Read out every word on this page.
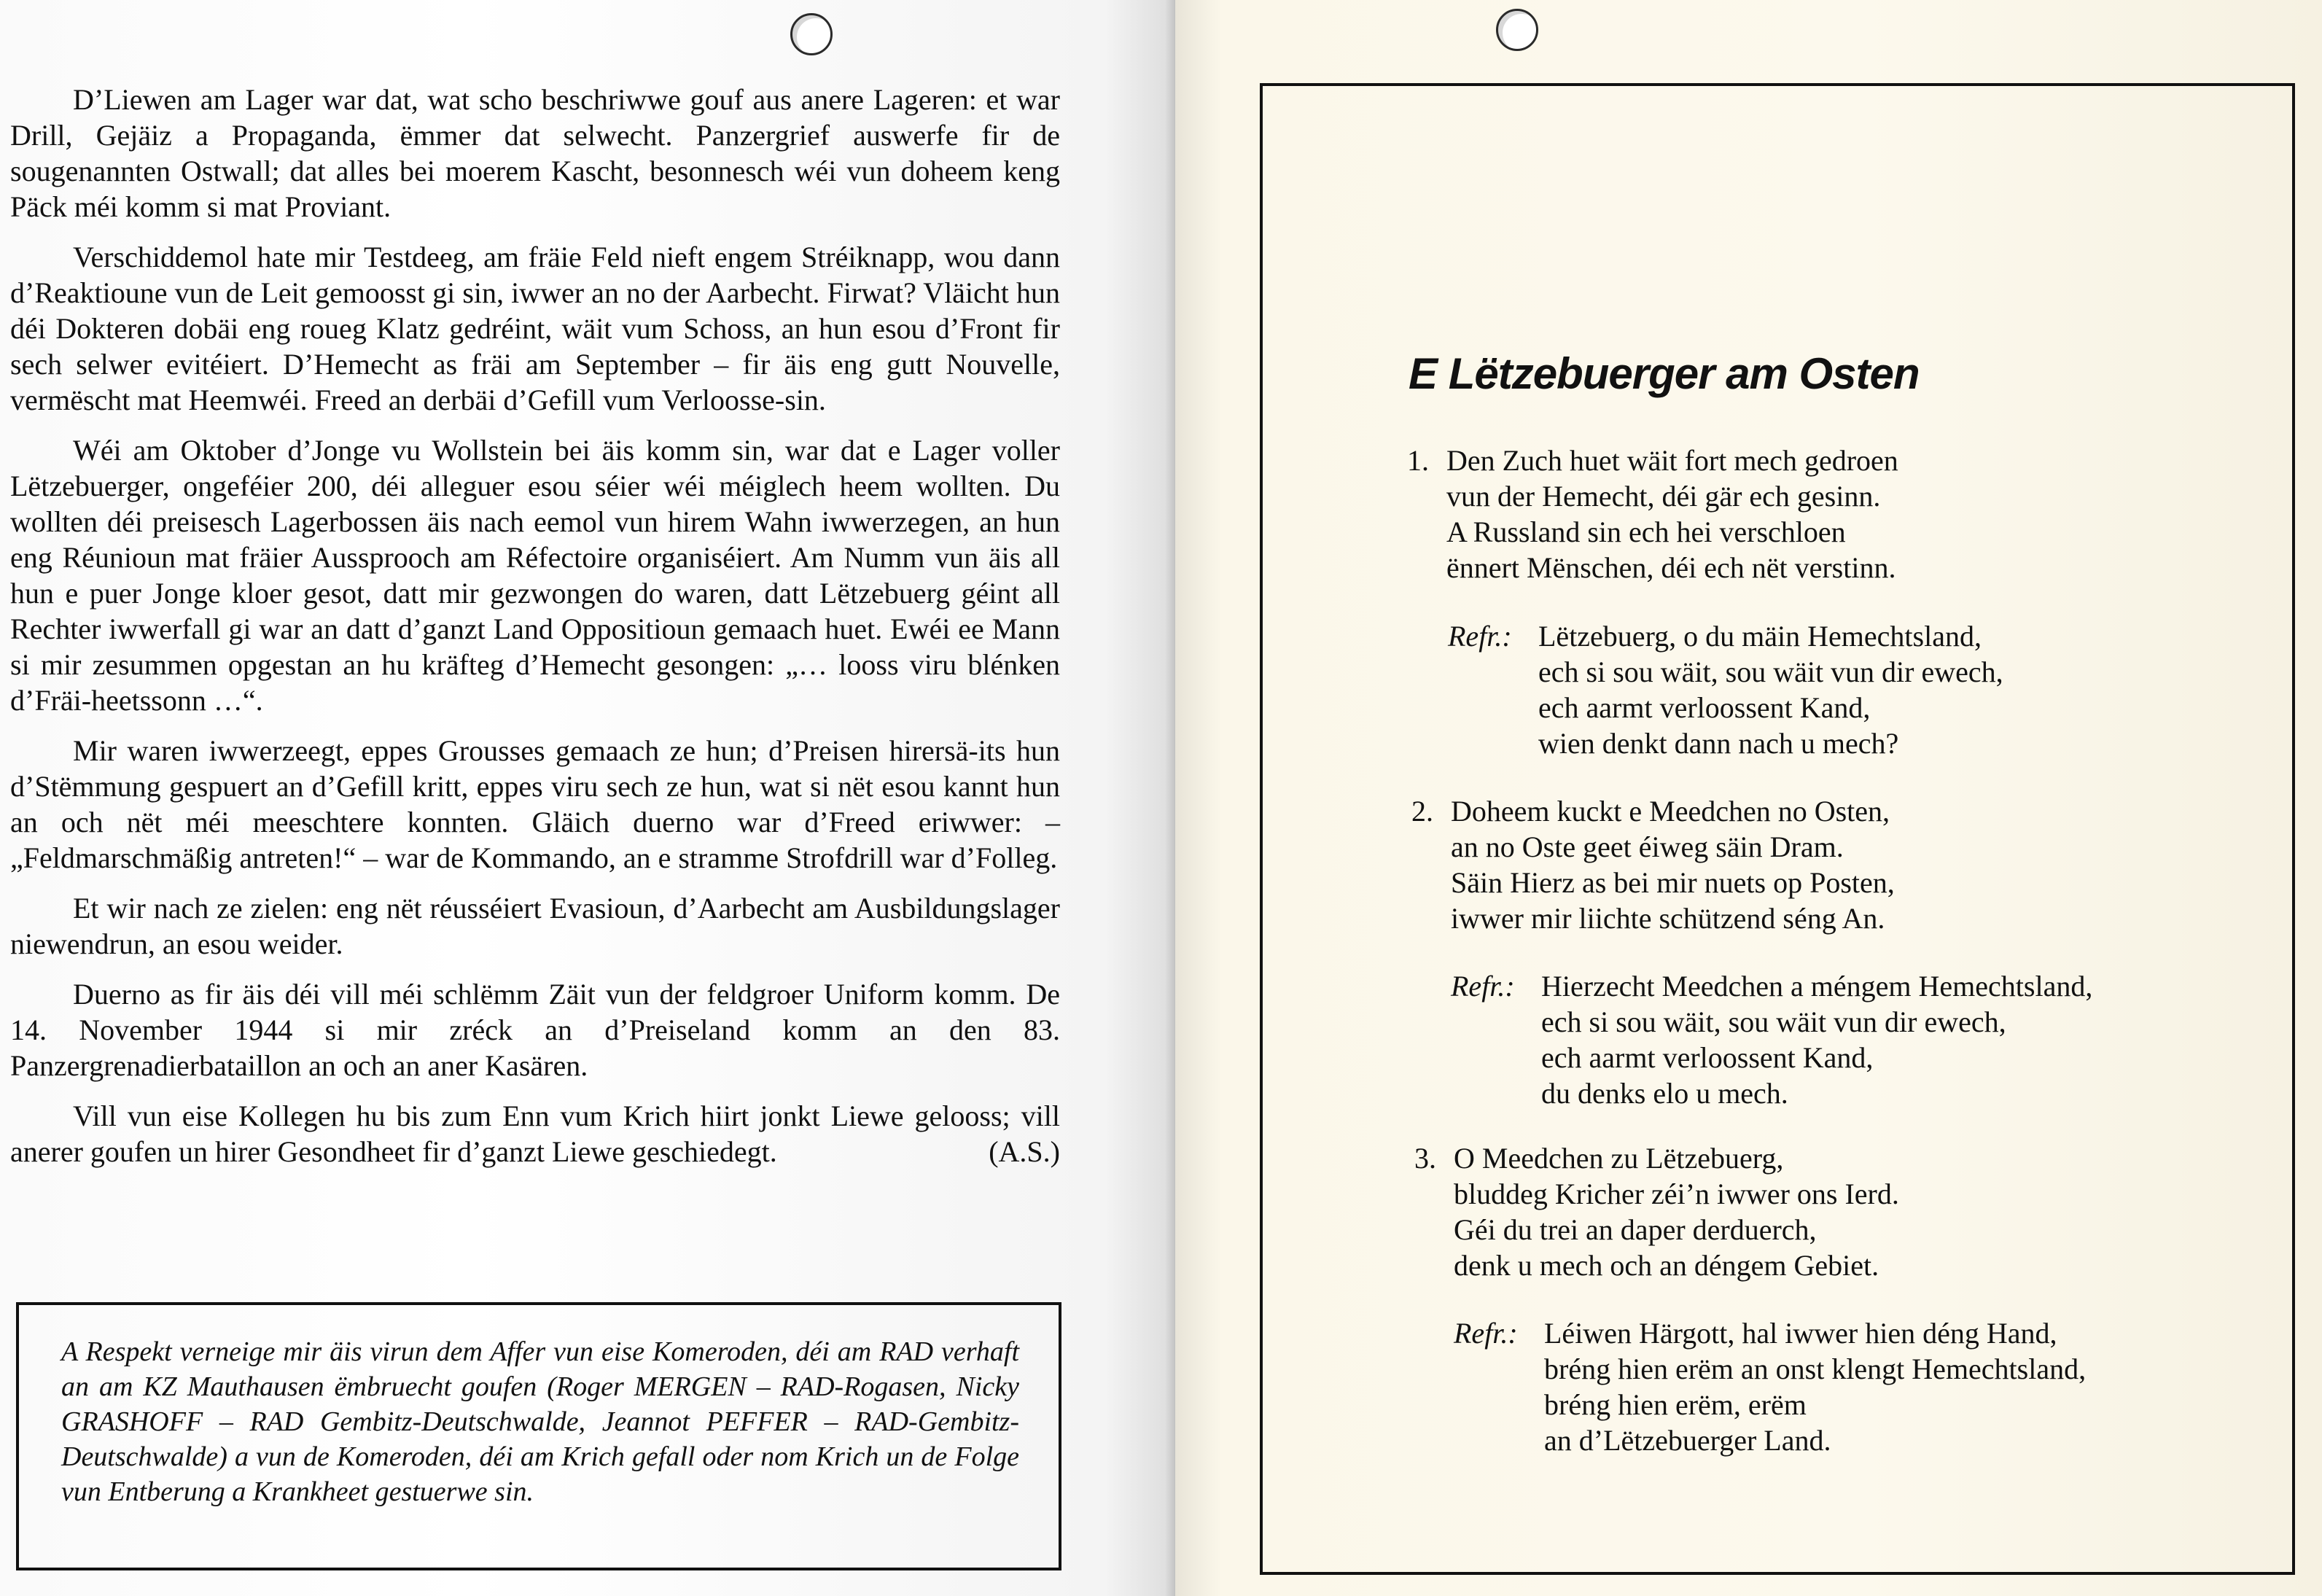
D’Liewen am Lager war dat, wat scho beschriwwe gouf aus anere Lageren: et war Drill, Gejäiz a Propaganda, ëmmer dat selwecht. Panzergrief auswerfe fir de sougenannten Ostwall; dat alles bei moerem Kascht, besonnesch wéi vun doheem keng Päck méi komm si mat Proviant.

Verschiddemol hate mir Testdeeg, am fräie Feld nieft engem Stréiknapp, wou dann d’Reaktioune vun de Leit gemoosst gi sin, iwwer an no der Aarbecht. Firwat? Vläicht hun déi Dokteren dobäi eng roueg Klatz gedréint, wäit vum Schoss, an hun esou d’Front fir sech selwer evitéiert. D’Hemecht as fräi am September – fir äis eng gutt Nouvelle, vermëscht mat Heemwéi. Freed an derbäi d’Gefill vum Verloosse-sin.

Wéi am Oktober d’Jonge vu Wollstein bei äis komm sin, war dat e Lager voller Lëtzebuerger, ongeféier 200, déi alleguer esou séier wéi méiglech heem wollten. Du wollten déi preisesch Lagerbossen äis nach eemol vun hirem Wahn iwwerzegen, an hun eng Réunioun mat fräier Aussprooch am Réfectoire organiséiert. Am Numm vun äis all hun e puer Jonge kloer gesot, datt mir gezwongen do waren, datt Lëtzebuerg géint all Rechter iwwerfall gi war an datt d’ganzt Land Oppositioun gemaach huet. Ewéi ee Mann si mir zesummen opgestan an hu kräfteg d’Hemecht gesongen: „… looss viru blénken d’Fräi-heetssonn …“.

Mir waren iwwerzeegt, eppes Grousses gemaach ze hun; d’Preisen hirersä-its hun d’Stëmmung gespuert an d’Gefill kritt, eppes viru sech ze hun, wat si nët esou kannt hun an och nët méi meeschtere konnten. Gläich duerno war d’Freed eriwwer: – „Feldmarschmäßig antreten!“ – war de Kommando, an e stramme Strofdrill war d’Folleg.

Et wir nach ze zielen: eng nët réusséiert Evasioun, d’Aarbecht am Ausbildungslager niewendrun, an esou weider.

Duerno as fir äis déi vill méi schlëmm Zäit vun der feldgroer Uniform komm. De 14. November 1944 si mir zréck an d’Preiseland komm an den 83. Panzergrenadierbataillon an och an aner Kasären.

Vill vun eise Kollegen hu bis zum Enn vum Krich hiirt jonkt Liewe gelooss; vill anerer goufen un hirer Gesondheet fir d’ganzt Liewe geschiedegt.	(A.S.)

A Respekt verneige mir äis virun dem Affer vun eise Komeroden, déi am RAD verhaft an am KZ Mauthausen ëmbruecht goufen (Roger MERGEN – RAD-Rogasen, Nicky GRASHOFF – RAD Gembitz-Deutschwalde, Jeannot PEFFER – RAD-Gembitz-Deutschwalde) a vun de Komeroden, déi am Krich gefall oder nom Krich un de Folge vun Entberung a Krankheet gestuerwe sin.
E Lëtzebuerger am Osten
1. Den Zuch huet wäit fort mech gedroen
vun der Hemecht, déi gär ech gesinn.
A Russland sin ech hei verschloen
ënnert Mënschen, déi ech nët verstinn.
Refr.: Lëtzebuerg, o du mäin Hemechtsland,
ech si sou wäit, sou wäit vun dir ewech,
ech aarmt verloossent Kand,
wien denkt dann nach u mech?
2. Doheem kuckt e Meedchen no Osten,
an no Oste geet éiweg säin Dram.
Säin Hierz as bei mir nuets op Posten,
iwwer mir liichte schützend séng An.
Refr.: Hierzecht Meedchen a méngem Hemechtsland,
ech si sou wäit, sou wäit vun dir ewech,
ech aarmt verloossent Kand,
du denks elo u mech.
3. O Meedchen zu Lëtzebuerg,
bluddeg Kricher zéi’n iwwer ons Ierd.
Géi du trei an daper derduerch,
denk u mech och an déngem Gebiet.
Refr.: Léiwen Härgott, hal iwwer hien déng Hand,
bréng hien erëm an onst klengt Hemechtsland,
bréng hien erëm, erëm
an d’Lëtzebuerger Land.
